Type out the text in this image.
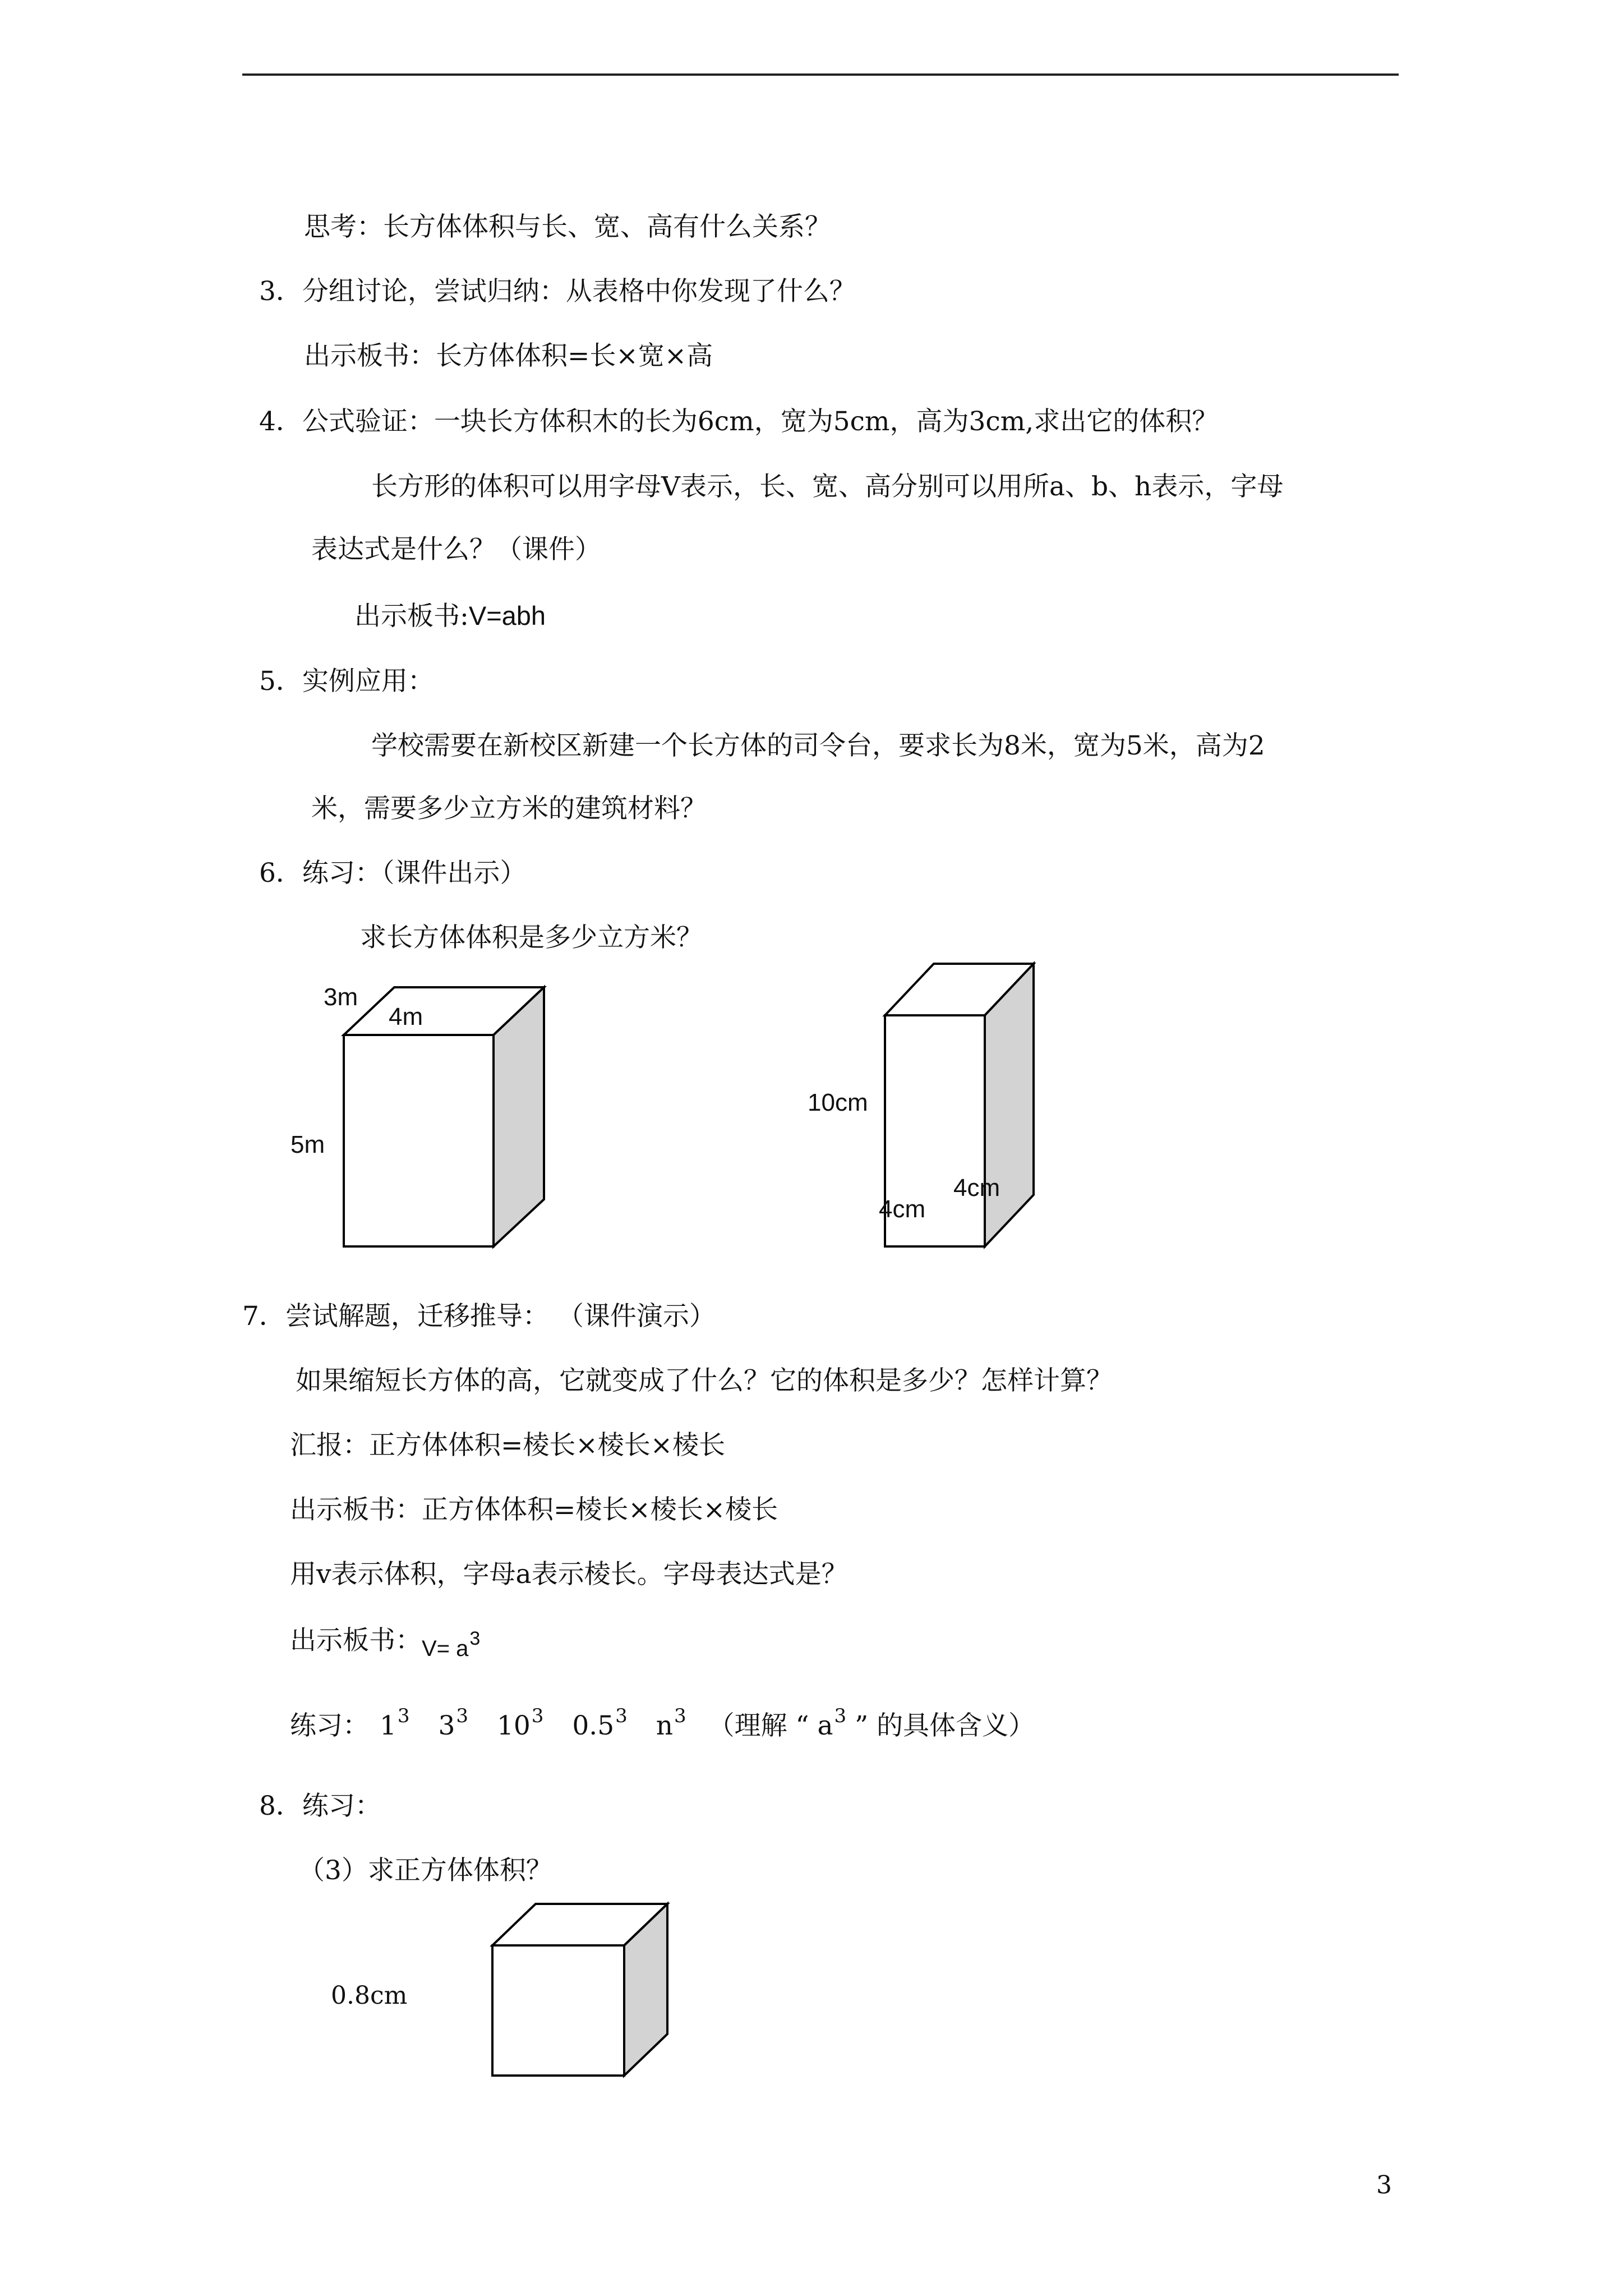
思考：长方体体积与长、宽、高有什么关系？
3．分组讨论，尝试归纳：从表格中你发现了什么？
出示板书：长方体体积=长×宽×高
4．公式验证：一块长方体积木的长为6cm，宽为5cm，高为3cm,求出它的体积？
长方形的体积可以用字母V表示，长、宽、高分别可以用所a、b、h表示，字母
表达式是什么？（课件）
出示板书:V=abh
5．实例应用：
学校需要在新校区新建一个长方体的司令台，要求长为8米，宽为5米，高为2
米，需要多少立方米的建筑材料？
6．练习：（课件出示）
求长方体体积是多少立方米？
3m
4m
5m
10cm
4cm
4cm
7．尝试解题，迁移推导： （课件演示）
如果缩短长方体的高，它就变成了什么？它的体积是多少？怎样计算？
汇报：正方体体积=棱长×棱长×棱长
出示板书：正方体体积=棱长×棱长×棱长
用v表示体积，字母a表示棱长。字母表达式是？
出示板书：V= a3
练习： $1^3$ $3^3$ $10^3$ $0.5^3$ $n^3$ （理解 “ $a^3$ ” 的具体含义）
8．练习：
（3）求正方体体积？
0.8cm
3
